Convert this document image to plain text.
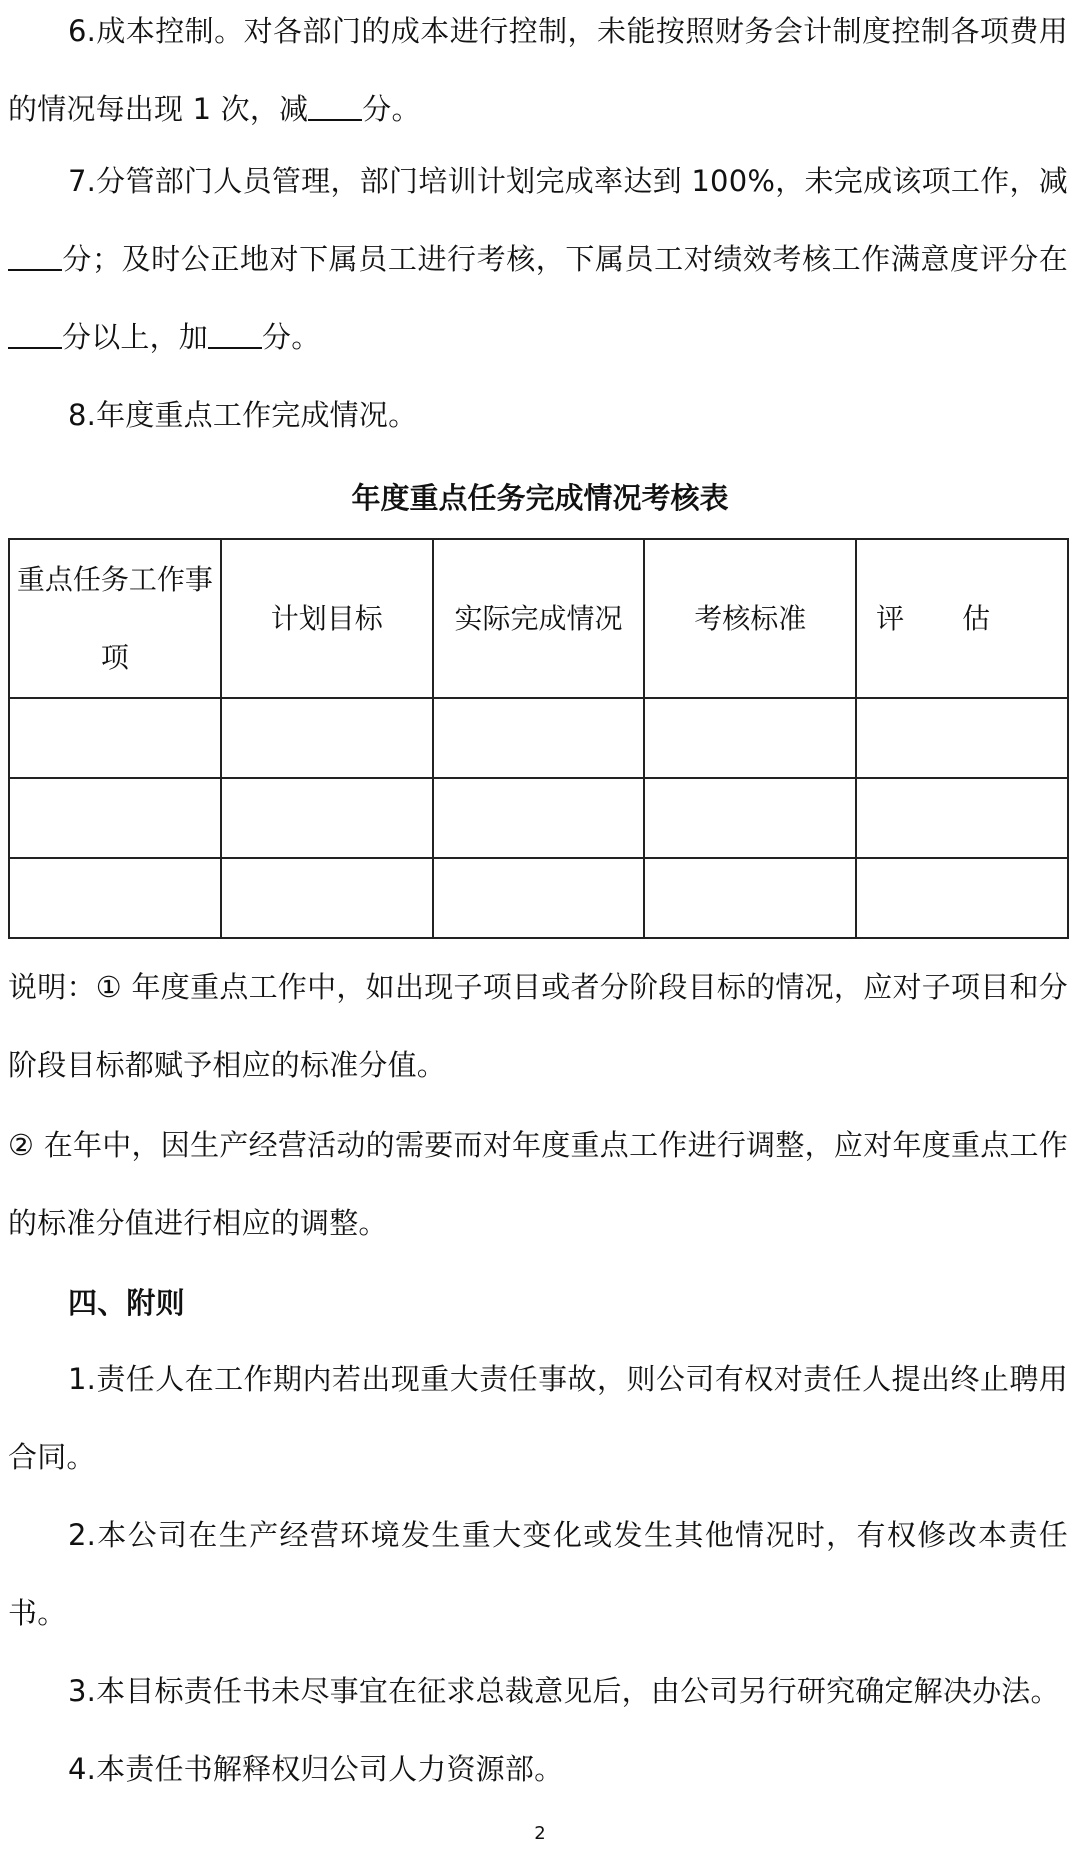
6.成本控制。对各部门的成本进行控制，未能按照财务会计制度控制各项费用的情况每出现 1 次，减 分。

7.分管部门人员管理，部门培训计划完成率达到 100%，未完成该项工作，减分；及时公正地对下属员工进行考核，下属员工对绩效考核工作满意度评分在分以上，加 分。

8.年度重点工作完成情况。

年度重点任务完成情况考核表

重点任务工作事项	计划目标	实际完成情况	考核标准	评估

说明：① 年度重点工作中，如出现子项目或者分阶段目标的情况，应对子项目和分阶段目标都赋予相应的标准分值。

② 在年中，因生产经营活动的需要而对年度重点工作进行调整，应对年度重点工作的标准分值进行相应的调整。

四、附则

1.责任人在工作期内若出现重大责任事故，则公司有权对责任人提出终止聘用合同。

2.本公司在生产经营环境发生重大变化或发生其他情况时，有权修改本责任书。

3.本目标责任书未尽事宜在征求总裁意见后，由公司另行研究确定解决办法。

4.本责任书解释权归公司人力资源部。

2
